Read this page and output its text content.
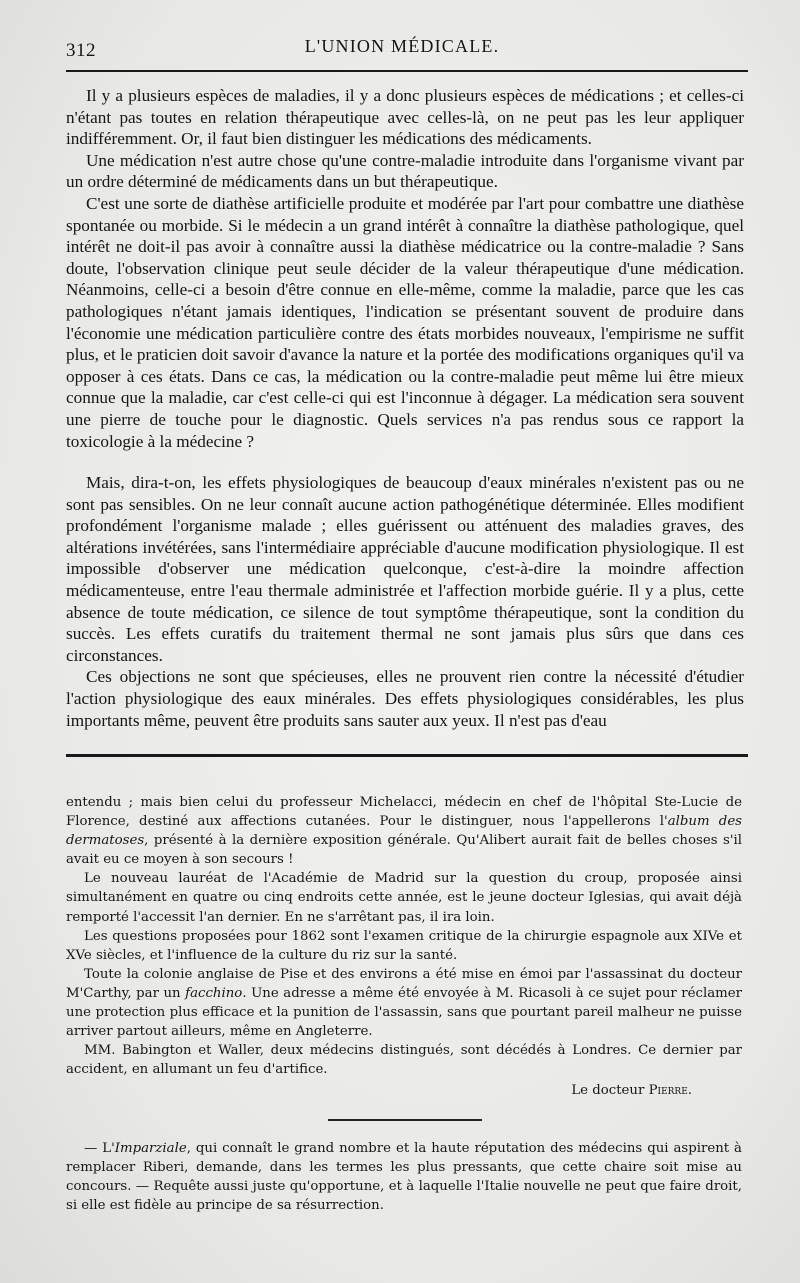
312	L'UNION MÉDICALE.

Il y a plusieurs espèces de maladies, il y a donc plusieurs espèces de médications ; et celles-ci n'étant pas toutes en relation thérapeutique avec celles-là, on ne peut pas les leur appliquer indifféremment. Or, il faut bien distinguer les médications des médicaments.

Une médication n'est autre chose qu'une contre-maladie introduite dans l'organisme vivant par un ordre déterminé de médicaments dans un but thérapeutique.

C'est une sorte de diathèse artificielle produite et modérée par l'art pour combattre une diathèse spontanée ou morbide. Si le médecin a un grand intérêt à connaître la diathèse pathologique, quel intérêt ne doit-il pas avoir à connaître aussi la diathèse médicatrice ou la contre-maladie ? Sans doute, l'observation clinique peut seule décider de la valeur thérapeutique d'une médication. Néanmoins, celle-ci a besoin d'être connue en elle-même, comme la maladie, parce que les cas pathologiques n'étant jamais identiques, l'indication se présentant souvent de produire dans l'économie une médication particulière contre des états morbides nouveaux, l'empirisme ne suffit plus, et le praticien doit savoir d'avance la nature et la portée des modifications organiques qu'il va opposer à ces états. Dans ce cas, la médication ou la contre-maladie peut même lui être mieux connue que la maladie, car c'est celle-ci qui est l'inconnue à dégager. La médication sera souvent une pierre de touche pour le diagnostic. Quels services n'a pas rendus sous ce rapport la toxicologie à la médecine ?

Mais, dira-t-on, les effets physiologiques de beaucoup d'eaux minérales n'existent pas ou ne sont pas sensibles. On ne leur connaît aucune action pathogénétique déterminée. Elles modifient profondément l'organisme malade ; elles guérissent ou atténuent des maladies graves, des altérations invétérées, sans l'intermédiaire appréciable d'aucune modification physiologique. Il est impossible d'observer une médication quelconque, c'est-à-dire la moindre affection médicamenteuse, entre l'eau thermale administrée et l'affection morbide guérie. Il y a plus, cette absence de toute médication, ce silence de tout symptôme thérapeutique, sont la condition du succès. Les effets curatifs du traitement thermal ne sont jamais plus sûrs que dans ces circonstances.

Ces objections ne sont que spécieuses, elles ne prouvent rien contre la nécessité d'étudier l'action physiologique des eaux minérales. Des effets physiologiques considérables, les plus importants même, peuvent être produits sans sauter aux yeux. Il n'est pas d'eau

entendu ; mais bien celui du professeur Michelacci, médecin en chef de l'hôpital Ste-Lucie de Florence, destiné aux affections cutanées. Pour le distinguer, nous l'appellerons l'album des dermatoses, présenté à la dernière exposition générale. Qu'Alibert aurait fait de belles choses s'il avait eu ce moyen à son secours !

Le nouveau lauréat de l'Académie de Madrid sur la question du croup, proposée ainsi simultanément en quatre ou cinq endroits cette année, est le jeune docteur Iglesias, qui avait déjà remporté l'accessit l'an dernier. En ne s'arrêtant pas, il ira loin.

Les questions proposées pour 1862 sont l'examen critique de la chirurgie espagnole aux XIVe et XVe siècles, et l'influence de la culture du riz sur la santé.

Toute la colonie anglaise de Pise et des environs a été mise en émoi par l'assassinat du docteur M'Carthy, par un facchino. Une adresse a même été envoyée à M. Ricasoli à ce sujet pour réclamer une protection plus efficace et la punition de l'assassin, sans que pourtant pareil malheur ne puisse arriver partout ailleurs, même en Angleterre.

MM. Babington et Waller, deux médecins distingués, sont décédés à Londres. Ce dernier par accident, en allumant un feu d'artifice.

Le docteur Pierre.

— L'Imparziale, qui connaît le grand nombre et la haute réputation des médecins qui aspirent à remplacer Riberi, demande, dans les termes les plus pressants, que cette chaire soit mise au concours. — Requête aussi juste qu'opportune, et à laquelle l'Italie nouvelle ne peut que faire droit, si elle est fidèle au principe de sa résurrection.
